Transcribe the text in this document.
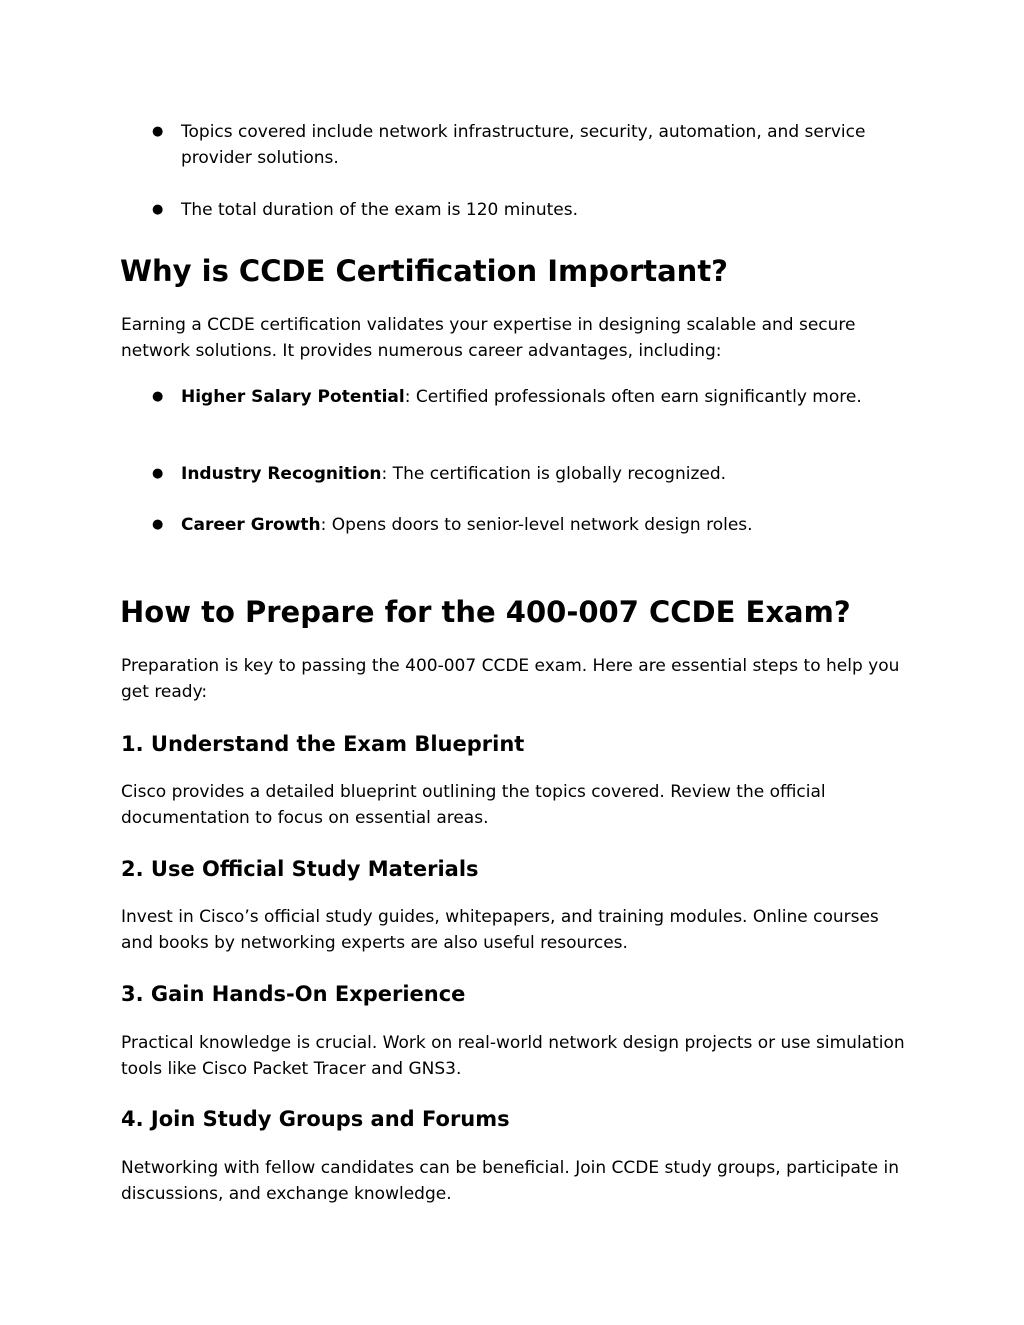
● Topics covered include network infrastructure, security, automation, and service provider solutions.
● The total duration of the exam is 120 minutes.
Why is CCDE Certification Important?

Earning a CCDE certification validates your expertise in designing scalable and secure network solutions. It provides numerous career advantages, including:

● Higher Salary Potential: Certified professionals often earn significantly more.
● Industry Recognition: The certification is globally recognized.
● Career Growth: Opens doors to senior-level network design roles.
How to Prepare for the 400-007 CCDE Exam?

Preparation is key to passing the 400-007 CCDE exam. Here are essential steps to help you get ready:

1. Understand the Exam Blueprint

Cisco provides a detailed blueprint outlining the topics covered. Review the official documentation to focus on essential areas.

2. Use Official Study Materials

Invest in Cisco’s official study guides, whitepapers, and training modules. Online courses and books by networking experts are also useful resources.

3. Gain Hands-On Experience

Practical knowledge is crucial. Work on real-world network design projects or use simulation tools like Cisco Packet Tracer and GNS3.

4. Join Study Groups and Forums

Networking with fellow candidates can be beneficial. Join CCDE study groups, participate in discussions, and exchange knowledge.
